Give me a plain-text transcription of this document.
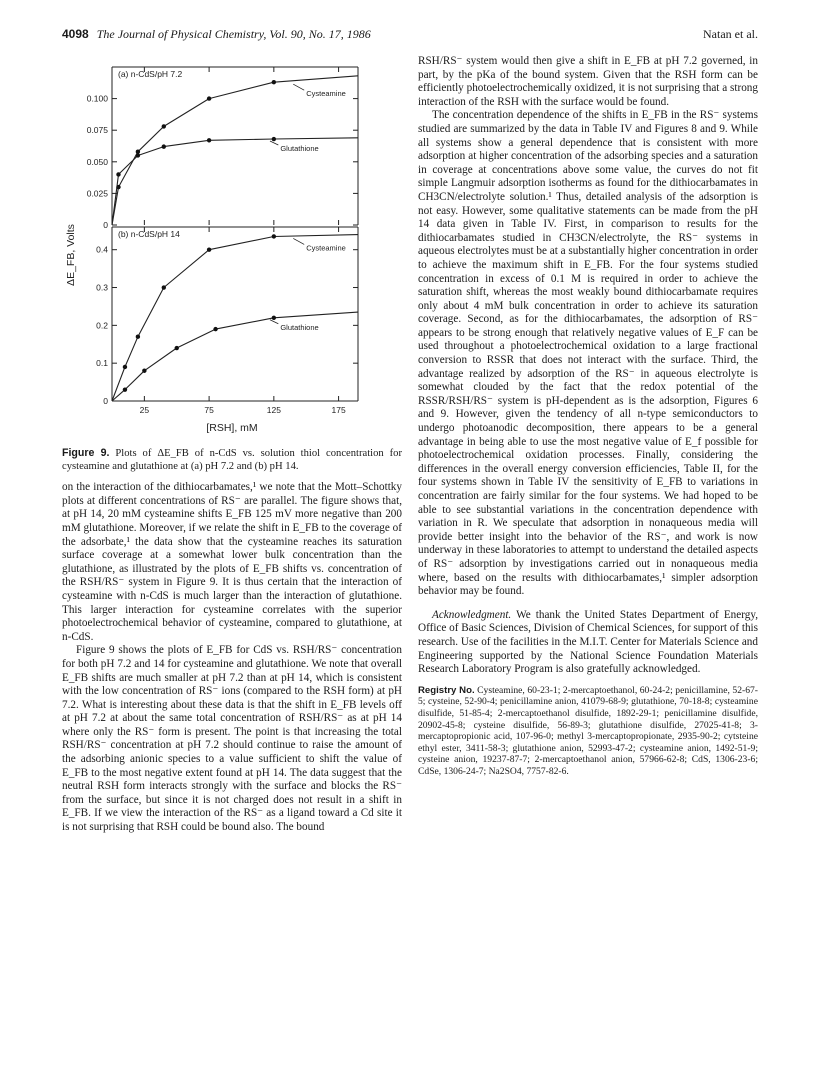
4098 The Journal of Physical Chemistry, Vol. 90, No. 17, 1986	Natan et al.
ΔE_FB, Volts
(a) n-CdS/pH 7.2
(b) n-CdS/pH 14
[RSH], mM
0
0.025
0.050
0.075
0.100	Cysteamine
Glutathione
0
0.1
0.2
0.3
0.4
25	75	125	175
Cysteamine
Glutathione
Figure 9. Plots of ΔE_FB of n-CdS vs. solution thiol concentration for cysteamine and glutathione at (a) pH 7.2 and (b) pH 14.

on the interaction of the dithiocarbamates,¹ we note that the Mott–Schottky plots at different concentrations of RS⁻ are parallel. The figure shows that, at pH 14, 20 mM cysteamine shifts E_FB 125 mV more negative than 200 mM glutathione. Moreover, if we relate the shift in E_FB to the coverage of the adsorbate,¹ the data show that the cysteamine reaches its saturation surface coverage at a somewhat lower bulk concentration than the glutathione, as illustrated by the plots of E_FB shifts vs. concentration of the RSH/RS⁻ system in Figure 9. It is thus certain that the interaction of cysteamine with n-CdS is much larger than the interaction of glutathione. This larger interaction for cysteamine correlates with the superior photoelectrochemical behavior of cysteamine, compared to glutathione, at n-CdS.

Figure 9 shows the plots of E_FB for CdS vs. RSH/RS⁻ concentration for both pH 7.2 and 14 for cysteamine and glutathione. We note that overall E_FB shifts are much smaller at pH 7.2 than at pH 14, which is consistent with the low concentration of RS⁻ ions (compared to the RSH form) at pH 7.2. What is interesting about these data is that the shift in E_FB levels off at pH 7.2 at about the same total concentration of RSH/RS⁻ as at pH 14 where only the RS⁻ form is present. The point is that increasing the total RSH/RS⁻ concentration at pH 7.2 should continue to raise the amount of the adsorbing anionic species to a value sufficient to shift the value of E_FB to the most negative extent found at pH 14. The data suggest that the neutral RSH form interacts strongly with the surface and blocks the RS⁻ from the surface, but since it is not charged does not result in a shift in E_FB. If we view the interaction of the RS⁻ as a ligand toward a Cd site it is not surprising that RSH could be bound also. The bound

RSH/RS⁻ system would then give a shift in E_FB at pH 7.2 governed, in part, by the pKa of the bound system. Given that the RSH form can be efficiently photoelectrochemically oxidized, it is not surprising that a strong interaction of the RSH with the surface would be found.

The concentration dependence of the shifts in E_FB in the RS⁻ systems studied are summarized by the data in Table IV and Figures 8 and 9. While all systems show a general dependence that is consistent with more adsorption at higher concentration of the adsorbing species and a saturation in coverage at concentrations above some value, the curves do not fit simple Langmuir adsorption isotherms as found for the dithiocarbamates in CH3CN/electrolyte solution.¹ Thus, detailed analysis of the adsorption is not easy. However, some qualitative statements can be made from the pH 14 data given in Table IV. First, in comparison to results for the dithiocarbamates studied in CH3CN/electrolyte, the RS⁻ systems in aqueous electrolytes must be at a substantially higher concentration in order to achieve the maximum shift in E_FB. For the four systems studied concentration in excess of 0.1 M is required in order to achieve the saturation shift, whereas the most weakly bound dithiocarbamate requires only about 4 mM bulk concentration in order to achieve its saturation coverage. Second, as for the dithiocarbamates, the adsorption of RS⁻ appears to be strong enough that relatively negative values of E_F can be used throughout a photoelectrochemical oxidation to a large fractional conversion to RSSR that does not interact with the surface. Third, the advantage realized by adsorption of the RS⁻ in aqueous electrolyte is somewhat clouded by the fact that the redox potential of the RSSR/RSH/RS⁻ system is pH-dependent as is the adsorption, Figures 6 and 9. However, given the tendency of all n-type semiconductors to undergo photoanodic decomposition, there appears to be a general advantage in being able to use the most negative value of E_f possible for photoelectrochemical oxidation processes. Finally, considering the differences in the overall energy conversion efficiencies, Table II, for the four systems shown in Table IV the sensitivity of E_FB to variations in concentration are fairly similar for the four systems. We had hoped to be able to see substantial variations in the concentration dependence with variation in R. We speculate that adsorption in nonaqueous media will provide better insight into the behavior of the RS⁻, and work is now underway in these laboratories to attempt to understand the detailed aspects of RS⁻ adsorption by investigations carried out in nonaqueous media where, based on the results with dithiocarbamates,¹ simpler adsorption behavior may be found.

Acknowledgment. We thank the United States Department of Energy, Office of Basic Sciences, Division of Chemical Sciences, for support of this research. Use of the facilities in the M.I.T. Center for Materials Science and Engineering supported by the National Science Foundation Materials Research Laboratory Program is also gratefully acknowledged.

Registry No. Cysteamine, 60-23-1; 2-mercaptoethanol, 60-24-2; penicillamine, 52-67-5; cysteine, 52-90-4; penicillamine anion, 41079-68-9; glutathione, 70-18-8; cysteamine disulfide, 51-85-4; 2-mercaptoethanol disulfide, 1892-29-1; penicillamine disulfide, 20902-45-8; cysteine disulfide, 56-89-3; glutathione disulfide, 27025-41-8; 3-mercaptopropionic acid, 107-96-0; methyl 3-mercaptopropionate, 2935-90-2; cytsteine ethyl ester, 3411-58-3; glutathione anion, 52993-47-2; cysteamine anion, 1492-51-9; cysteine anion, 19237-87-7; 2-mercaptoethanol anion, 57966-62-8; CdS, 1306-23-6; CdSe, 1306-24-7; Na2SO4, 7757-82-6.
